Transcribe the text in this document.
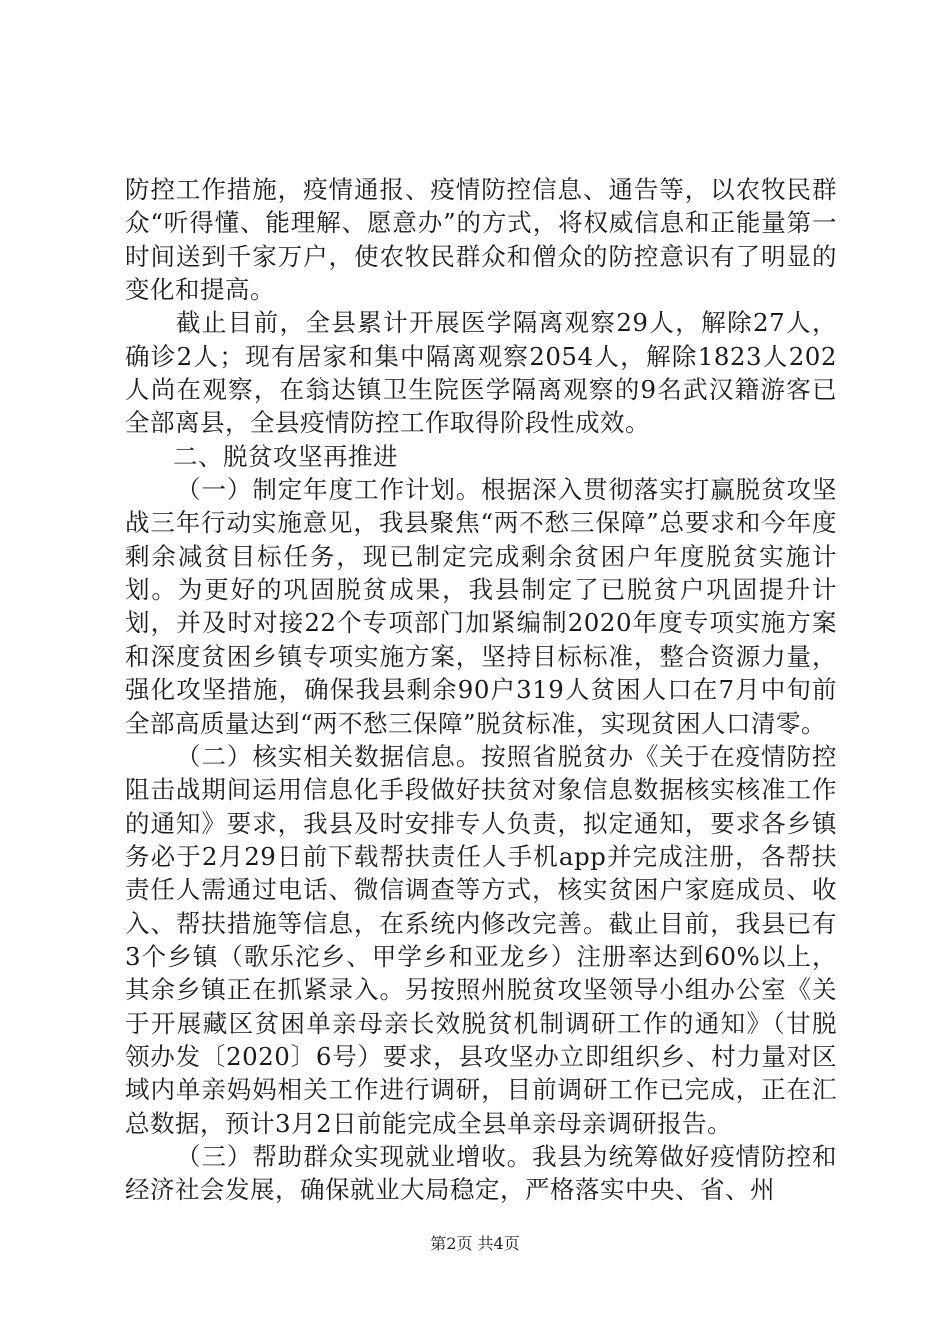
防控工作措施，疫情通报、疫情防控信息、通告等，以农牧民群众“听得懂、能理解、愿意办”的方式，将权威信息和正能量第一时间送到千家万户，使农牧民群众和僧众的防控意识有了明显的变化和提高。

截止目前，全县累计开展医学隔离观察29人，解除27人，确诊2人；现有居家和集中隔离观察2054人，解除1823人202人尚在观察，在翁达镇卫生院医学隔离观察的9名武汉籍游客已全部离县，全县疫情防控工作取得阶段性成效。

二、脱贫攻坚再推进

（一）制定年度工作计划。根据深入贯彻落实打赢脱贫攻坚战三年行动实施意见，我县聚焦“两不愁三保障”总要求和今年度剩余减贫目标任务，现已制定完成剩余贫困户年度脱贫实施计划。为更好的巩固脱贫成果，我县制定了已脱贫户巩固提升计划，并及时对接22个专项部门加紧编制2020年度专项实施方案和深度贫困乡镇专项实施方案，坚持目标标准，整合资源力量，强化攻坚措施，确保我县剩余90户319人贫困人口在7月中旬前全部高质量达到“两不愁三保障”脱贫标准，实现贫困人口清零。

（二）核实相关数据信息。按照省脱贫办《关于在疫情防控阻击战期间运用信息化手段做好扶贫对象信息数据核实核准工作的通知》要求，我县及时安排专人负责，拟定通知，要求各乡镇务必于2月29日前下载帮扶责任人手机app并完成注册，各帮扶责任人需通过电话、微信调查等方式，核实贫困户家庭成员、收入、帮扶措施等信息，在系统内修改完善。截止目前，我县已有3个乡镇（歌乐沱乡、甲学乡和亚龙乡）注册率达到60%以上，其余乡镇正在抓紧录入。另按照州脱贫攻坚领导小组办公室《关于开展藏区贫困单亲母亲长效脱贫机制调研工作的通知》（甘脱领办发〔2020〕6号）要求，县攻坚办立即组织乡、村力量对区域内单亲妈妈相关工作进行调研，目前调研工作已完成，正在汇总数据，预计3月2日前能完成全县单亲母亲调研报告。

（三）帮助群众实现就业增收。我县为统筹做好疫情防控和经济社会发展，确保就业大局稳定，严格落实中央、省、州

第2页 共4页
